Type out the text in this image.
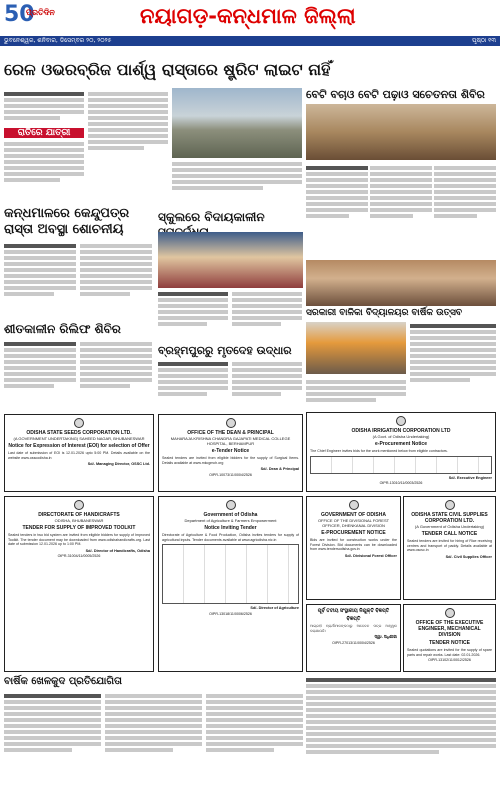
50
ପ୍ରତିଦିନ	ନୟାଗଡ଼-କନ୍ଧମାଳ ଜିଲ୍ଲା
ଭୁବନେଶ୍ୱର, ଶନିବାର, ଡିସେମ୍ବର ୨୦, ୨୦୨୫	ପୃଷ୍ଠା ୧୩
ରେଳ ଓଭରବ୍ରିଜ ପାର୍ଶ୍ୱ ରାସ୍ତାରେ ଷ୍ଟ୍ରିଟ ଲାଇଟ ନାହିଁ
ରାତିରେ ଯାତ୍ରୀ
ବେଟି ବଚାଓ ବେଟି ପଢ଼ାଓ ସଚେତନତା ଶିବିର
କନ୍ଧମାଳରେ କେନ୍ଦୁପତ୍ର ରାସ୍ତା ଅବସ୍ଥା ଶୋଚନୀୟ
ସ୍କୁଲରେ ବିଦାୟକାଳୀନ
ଶୀତକାଳୀନ ରିଲିଫ ଶିବିର
ବ୍ରହ୍ମପୁରରୁ ମୃତଦେହ ଉଦ୍ଧାର
ସରକାରୀ ବାଳିକା ବିଦ୍ୟାଳୟର ବାର୍ଷିକ ଉତ୍ସବ
ODISHA STATE SEEDS CORPORATION LTD.
(A GOVERNMENT UNDERTAKING) SAHEED NAGAR, BHUBANESWAR
Notice for Expression of Interest (EOI) for selection of Offer
Last date of submission of EOI is 12.01.2026 upto 5:00 PM. Details available on the website www.osscodisha.in
Sd/- Managing Director, OSSC Ltd.
OFFICE OF THE DEAN & PRINCIPAL
MAHARAJA KRISHNA CHANDRA GAJAPATI MEDICAL COLLEGE HOSPITAL, BERHAMPUR
e-Tender Notice
Sealed tenders are invited from eligible bidders for the supply of Surgical Items. Details available at www.mkcgmch.org
Sd/- Dean & Principal
OIPR-10073/11/0004/2526
ODISHA IRRIGATION CORPORATION LTD
(A Govt. of Odisha Undertaking)
e-Procurement Notice
The Chief Engineer invites bids for the work mentioned below from eligible contractors.
Sd/- Executive Engineer
OIPR-13010/11/0003/2526
DIRECTORATE OF HANDICRAFTS
ODISHA, BHUBANESWAR
TENDER FOR SUPPLY OF IMPROVED TOOLKIT
Sealed tenders in two bid system are invited from eligible bidders for supply of Improved Toolkit. The tender document may be downloaded from www.odishahandicrafts.org. Last date of submission 12.01.2026 up to 1:00 PM.
Sd/- Director of Handicrafts, Odisha
OIPR-31004/11/0005/2526
Government of Odisha
Department of Agriculture & Farmers Empowerment
Notice Inviting Tender
Directorate of Agriculture & Food Production, Odisha invites tenders for supply of agricultural inputs. Tender documents available at www.agriodisha.nic.in
Sd/- Director of Agriculture
OIPR-13018/11/0006/2526
GOVERNMENT OF ODISHA
OFFICE OF THE DIVISIONAL FOREST OFFICER, DHENKANAL DIVISION
E-PROCUREMENT NOTICE
Bids are invited for construction works under the Forest Division. Bid documents can be downloaded from www.tendersodisha.gov.in
Sd/- Divisional Forest Officer
ODISHA STATE CIVIL SUPPLIES CORPORATION LTD.
(A Government of Odisha Undertaking)
TENDER CALL NOTICE
Sealed tenders are invited for hiring of Rice receiving centres and transport of paddy. Details available at www.oscsc.in
Sd/- Civil Supplies Officer
ପୂର୍ବ ତଟୀୟ ସଂସ୍ଥାରୀୟ ନିଯୁକ୍ତି ବିଜ୍ଞପ୍ତି
ବିଜ୍ଞପ୍ତି
ଆଗ୍ରହୀ ପ୍ରାର୍ଥୀମାନଙ୍କଠାରୁ ଆବେଦନ ପତ୍ର ଆହ୍ୱାନ କରାଯାଉଛି।
ସ୍ୱା/- ଅଧିକାରୀ
OIPR-27013/11/0004/2526
OFFICE OF THE EXECUTIVE ENGINEER, MECHANICAL DIVISION
TENDER NOTICE
Sealed quotations are invited for the supply of spare parts and repair works. Last date: 02.01.2026.
OIPR-13102/11/0012/2526
ବାର୍ଷିକ ଖେଳକୁଦ ପ୍ରତିଯୋଗିତା
